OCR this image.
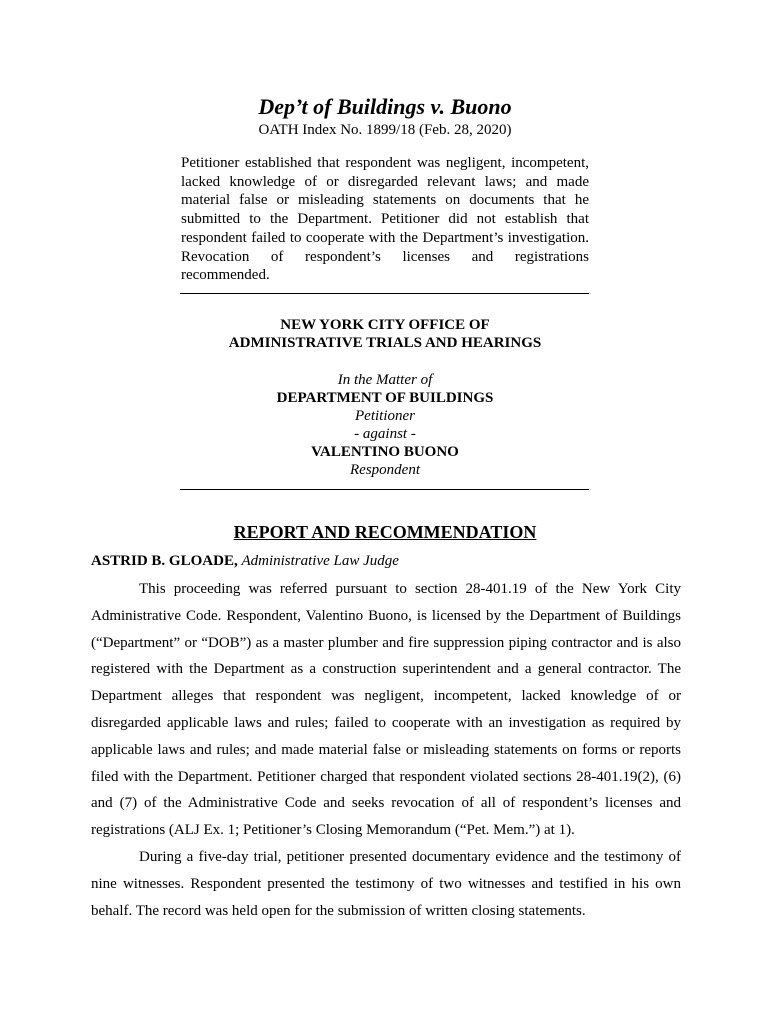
Dep’t of Buildings v. Buono
OATH Index No. 1899/18 (Feb. 28, 2020)
Petitioner established that respondent was negligent, incompetent, lacked knowledge of or disregarded relevant laws; and made material false or misleading statements on documents that he submitted to the Department. Petitioner did not establish that respondent failed to cooperate with the Department’s investigation. Revocation of respondent’s licenses and registrations recommended.
NEW YORK CITY OFFICE OF
ADMINISTRATIVE TRIALS AND HEARINGS
In the Matter of
DEPARTMENT OF BUILDINGS
Petitioner
- against -
VALENTINO BUONO
Respondent
REPORT AND RECOMMENDATION
ASTRID B. GLOADE, Administrative Law Judge

This proceeding was referred pursuant to section 28-401.19 of the New York City Administrative Code. Respondent, Valentino Buono, is licensed by the Department of Buildings (“Department” or “DOB”) as a master plumber and fire suppression piping contractor and is also registered with the Department as a construction superintendent and a general contractor. The Department alleges that respondent was negligent, incompetent, lacked knowledge of or disregarded applicable laws and rules; failed to cooperate with an investigation as required by applicable laws and rules; and made material false or misleading statements on forms or reports filed with the Department. Petitioner charged that respondent violated sections 28-401.19(2), (6) and (7) of the Administrative Code and seeks revocation of all of respondent’s licenses and registrations (ALJ Ex. 1; Petitioner’s Closing Memorandum (“Pet. Mem.”) at 1).

During a five-day trial, petitioner presented documentary evidence and the testimony of nine witnesses. Respondent presented the testimony of two witnesses and testified in his own behalf. The record was held open for the submission of written closing statements.
